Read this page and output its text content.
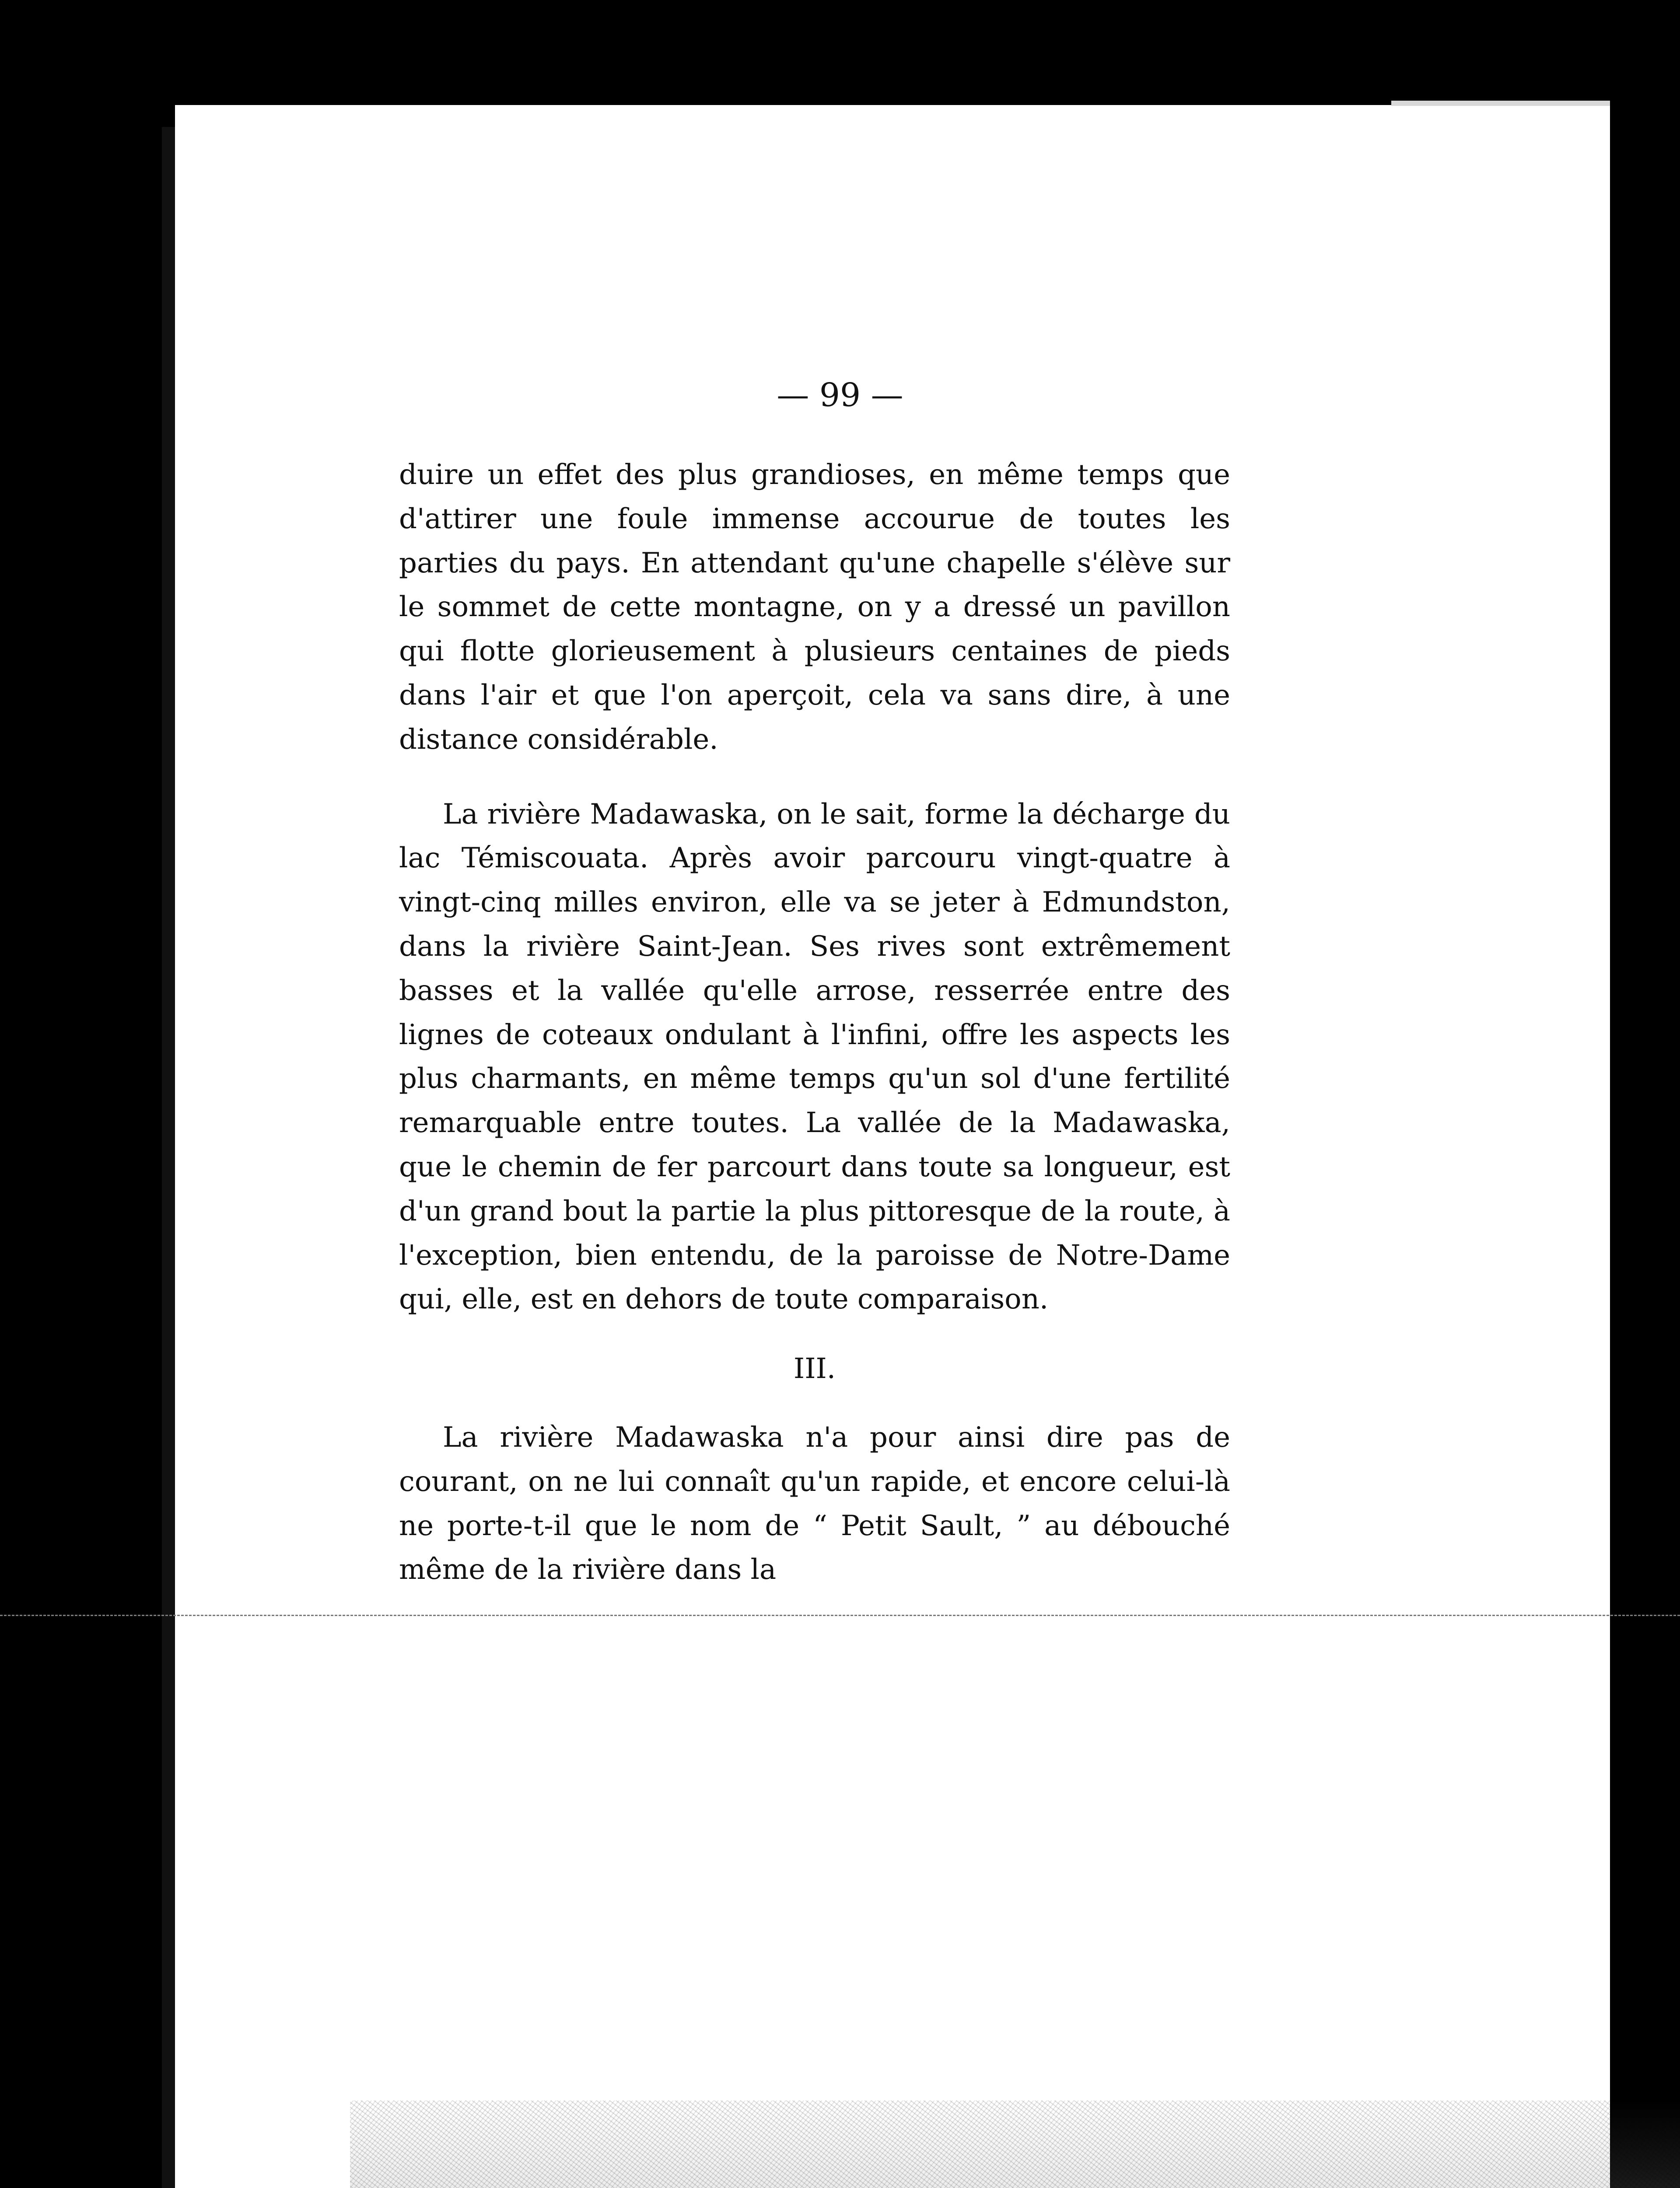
— 99 —

duire un effet des plus grandioses, en même temps que d'attirer une foule immense accourue de toutes les parties du pays. En attendant qu'une chapelle s'élève sur le sommet de cette montagne, on y a dressé un pavillon qui flotte glorieusement à plusieurs centaines de pieds dans l'air et que l'on aperçoit, cela va sans dire, à une distance considérable.

La rivière Madawaska, on le sait, forme la décharge du lac Témiscouata. Après avoir parcouru vingt-quatre à vingt-cinq milles environ, elle va se jeter à Edmundston, dans la rivière Saint-Jean. Ses rives sont extrêmement basses et la vallée qu'elle arrose, resserrée entre des lignes de coteaux ondulant à l'infini, offre les aspects les plus charmants, en même temps qu'un sol d'une fertilité remarquable entre toutes. La vallée de la Madawaska, que le chemin de fer parcourt dans toute sa longueur, est d'un grand bout la partie la plus pittoresque de la route, à l'exception, bien entendu, de la paroisse de Notre-Dame qui, elle, est en dehors de toute comparaison.

III.

La rivière Madawaska n'a pour ainsi dire pas de courant, on ne lui connaît qu'un rapide, et encore celui-là ne porte-t-il que le nom de “ Petit Sault, ” au débouché même de la rivière dans la
